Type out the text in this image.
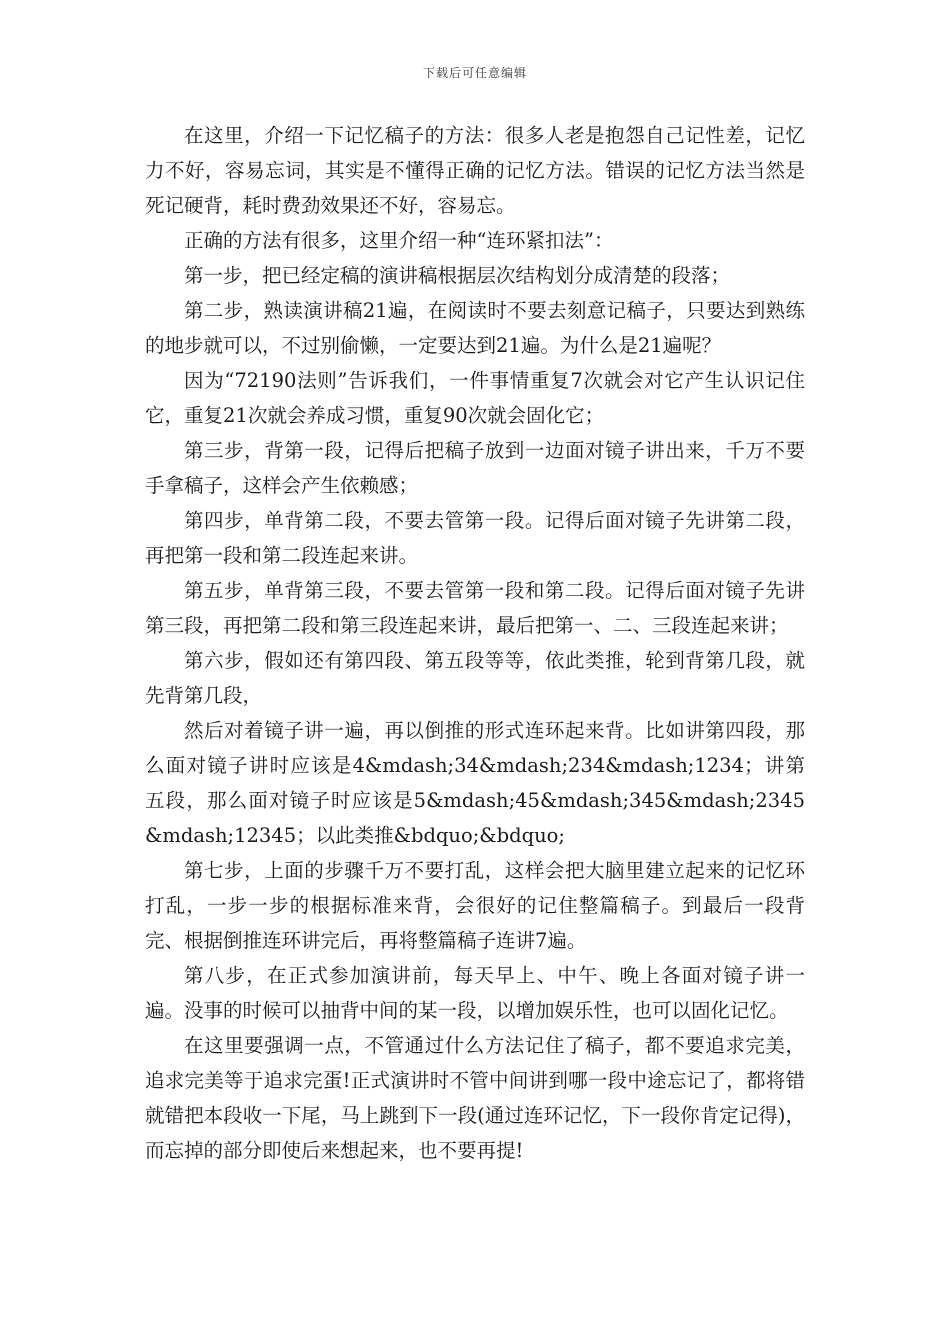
下载后可任意编辑

在这里，介绍一下记忆稿子的方法：很多人老是抱怨自己记性差，记忆力不好，容易忘词，其实是不懂得正确的记忆方法。错误的记忆方法当然是死记硬背，耗时费劲效果还不好，容易忘。

正确的方法有很多，这里介绍一种“连环紧扣法”：

第一步，把已经定稿的演讲稿根据层次结构划分成清楚的段落；

第二步，熟读演讲稿21遍，在阅读时不要去刻意记稿子，只要达到熟练的地步就可以，不过别偷懒，一定要达到21遍。为什么是21遍呢？

因为“72190法则”告诉我们，一件事情重复7次就会对它产生认识记住它，重复21次就会养成习惯，重复90次就会固化它；

第三步，背第一段，记得后把稿子放到一边面对镜子讲出来，千万不要手拿稿子，这样会产生依赖感；

第四步，单背第二段，不要去管第一段。记得后面对镜子先讲第二段，再把第一段和第二段连起来讲。

第五步，单背第三段，不要去管第一段和第二段。记得后面对镜子先讲第三段，再把第二段和第三段连起来讲，最后把第一、二、三段连起来讲；

第六步，假如还有第四段、第五段等等，依此类推，轮到背第几段，就先背第几段，

然后对着镜子讲一遍，再以倒推的形式连环起来背。比如讲第四段，那么面对镜子讲时应该是4&mdash;34&mdash;234&mdash;1234；讲第五段，那么面对镜子时应该是5&mdash;45&mdash;345&mdash;2345&mdash;12345；以此类推&bdquo;&bdquo;

第七步，上面的步骤千万不要打乱，这样会把大脑里建立起来的记忆环打乱，一步一步的根据标准来背，会很好的记住整篇稿子。到最后一段背完、根据倒推连环讲完后，再将整篇稿子连讲7遍。

第八步，在正式参加演讲前，每天早上、中午、晚上各面对镜子讲一遍。没事的时候可以抽背中间的某一段，以增加娱乐性，也可以固化记忆。

在这里要强调一点，不管通过什么方法记住了稿子，都不要追求完美，追求完美等于追求完蛋!正式演讲时不管中间讲到哪一段中途忘记了，都将错就错把本段收一下尾，马上跳到下一段(通过连环记忆，下一段你肯定记得)，而忘掉的部分即使后来想起来，也不要再提!
